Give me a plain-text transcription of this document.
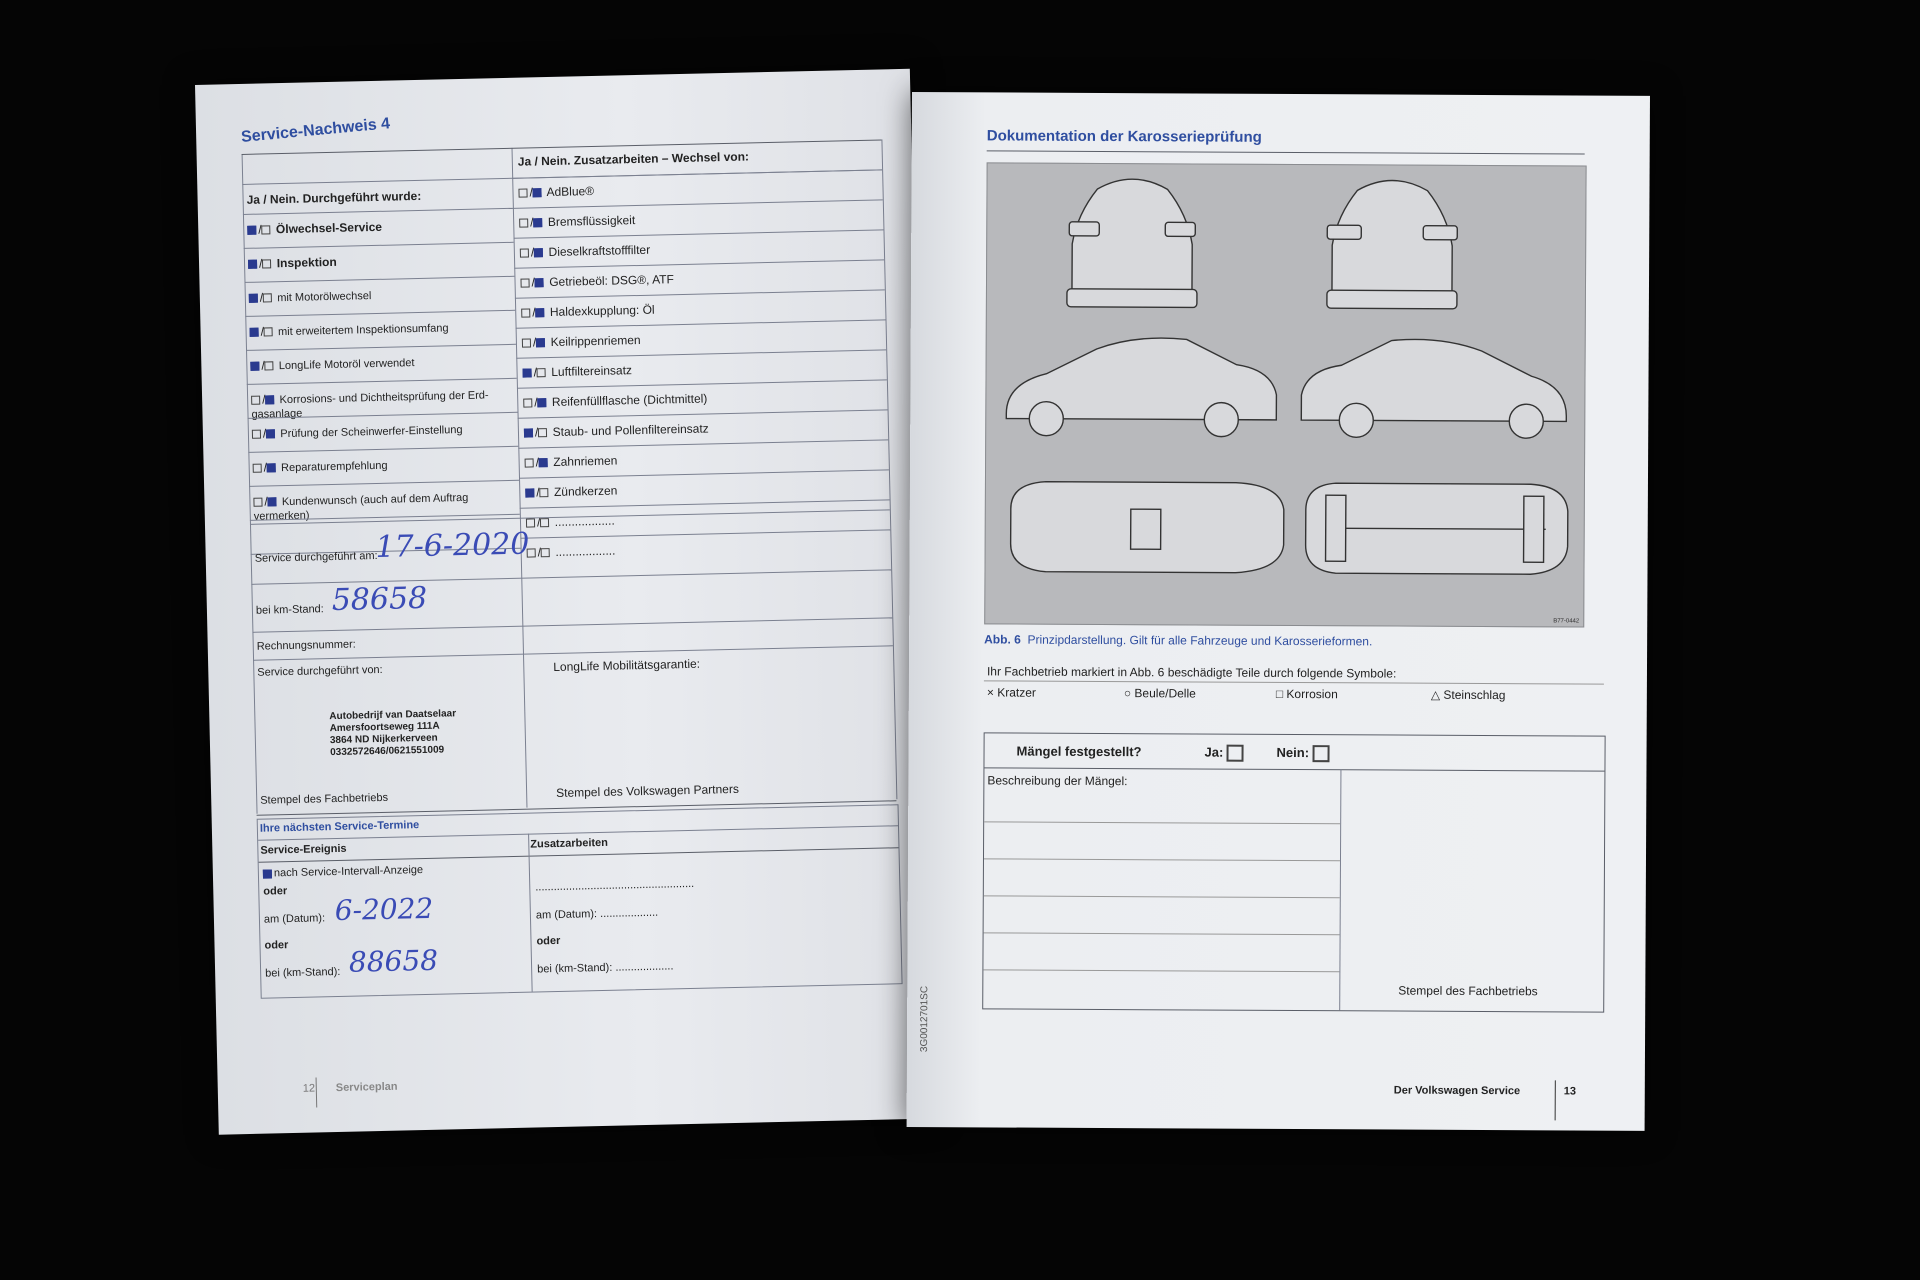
Service-Nachweis 4
Ja / Nein. Zusatzarbeiten – Wechsel von:
Ja / Nein. Durchgeführt wurde:
/ Ölwechsel-Service
/ Inspektion
/ mit Motorölwechsel
/ mit erweitertem Inspektionsumfang
/ LongLife Motoröl verwendet
/ Korrosions- und Dichtheitsprüfung der Erd-gasanlage
/ Prüfung der Scheinwerfer-Einstellung
/ Reparaturempfehlung
/ Kundenwunsch (auch auf dem Auftrag vermerken)
/ AdBlue®
/ Bremsflüssigkeit
/ Dieselkraftstofffilter
/ Getriebeöl: DSG®, ATF
/ Haldexkupplung: Öl
/ Keilrippenriemen
/ Luftfiltereinsatz
/ Reifenfüllflasche (Dichtmittel)
/ Staub- und Pollenfiltereinsatz
/ Zahnriemen
/ Zündkerzen
/ ..................
/ ..................
Service durchgeführt am:
17-6-2020
bei km-Stand: 58658
Rechnungsnummer:
Service durchgeführt von:
Autobedrijf van Daatselaar
Amersfoortseweg 111A
3864 ND Nijkerkerveen
0332572646/0621551009
Stempel des Fachbetriebs
LongLife Mobilitätsgarantie:
Stempel des Volkswagen Partners
Ihre nächsten Service-Termine
Service-Ereignis	Zusatzarbeiten
nach Service-Intervall-Anzeige
oder
am (Datum): 6-2022
oder
bei (km-Stand): 88658
....................................................
am (Datum): ...................
oder
bei (km-Stand): ...................
12 Serviceplan
Dokumentation der Karosserieprüfung
B77-0442
Abb. 6 Prinzipdarstellung. Gilt für alle Fahrzeuge und Karosserieformen.
Ihr Fachbetrieb markiert in Abb. 6 beschädigte Teile durch folgende Symbole:
× Kratzer	○ Beule/Delle	□ Korrosion	△ Steinschlag
Mängel festgestellt?	Ja:	Nein:
Beschreibung der Mängel:
Stempel des Fachbetriebs
3G0012701SC
Der Volkswagen Service	13
